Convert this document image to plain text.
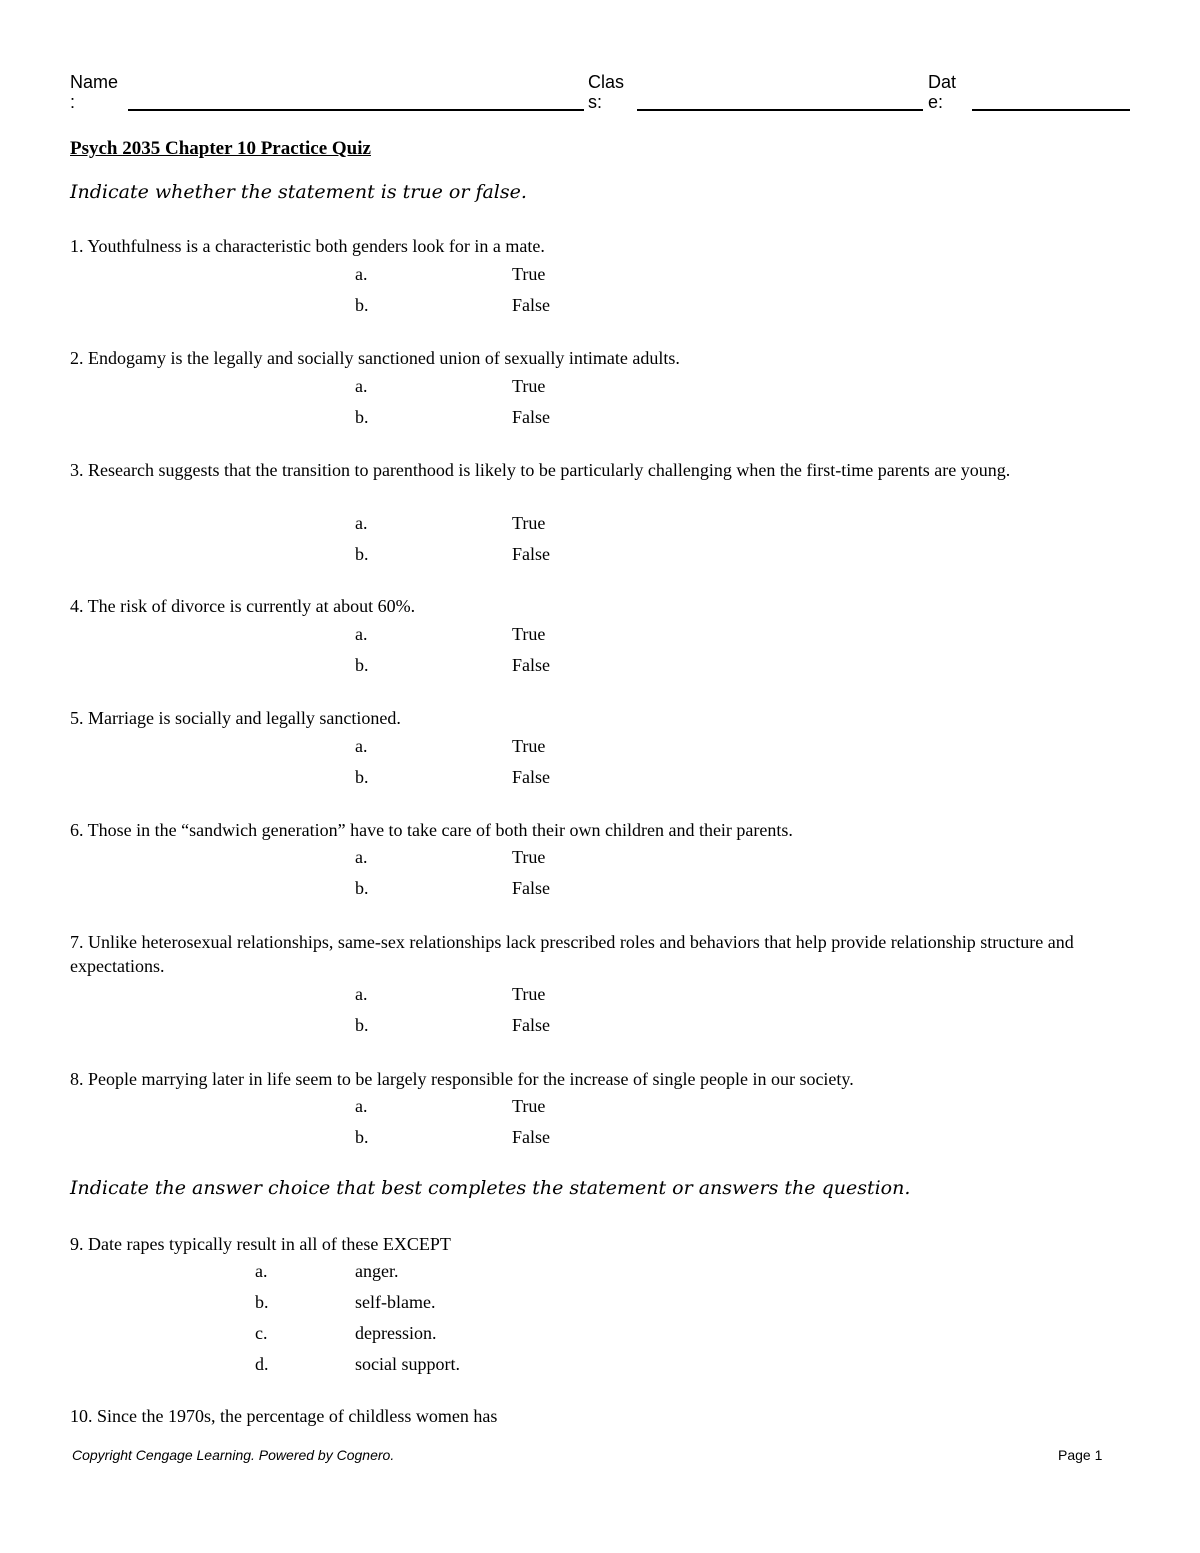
Name
:
Clas
s:
Dat
e:
Psych 2035 Chapter 10 Practice Quiz
Indicate whether the statement is true or false.
1. Youthfulness is a characteristic both genders look for in a mate.
a.	True
b.	False
2. Endogamy is the legally and socially sanctioned union of sexually intimate adults.
a.	True
b.	False
3. Research suggests that the transition to parenthood is likely to be particularly challenging when the first-time parents are young.
a.	True
b.	False
4. The risk of divorce is currently at about 60%.
a.	True
b.	False
5. Marriage is socially and legally sanctioned.
a.	True
b.	False
6. Those in the “sandwich generation” have to take care of both their own children and their parents.
a.	True
b.	False
7. Unlike heterosexual relationships, same-sex relationships lack prescribed roles and behaviors that help provide relationship structure and expectations.
a.	True
b.	False
8. People marrying later in life seem to be largely responsible for the increase of single people in our society.
a.	True
b.	False
Indicate the answer choice that best completes the statement or answers the question.
9. Date rapes typically result in all of these EXCEPT
a.	anger.
b.	self-blame.
c.	depression.
d.	social support.
10. Since the 1970s, the percentage of childless women has
Copyright Cengage Learning. Powered by Cognero.	Page 1
